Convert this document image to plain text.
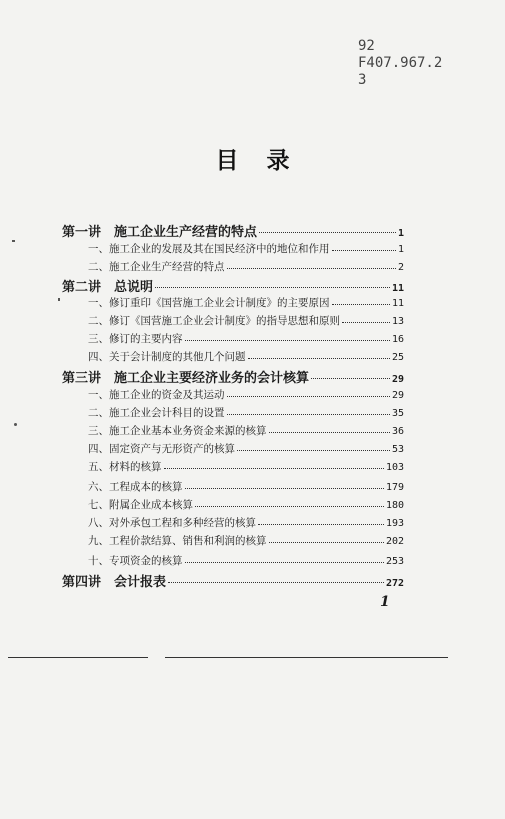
92
F407.967.2
3
目录
第一讲　施工企业生产经营的特点	1
一、施工企业的发展及其在国民经济中的地位和作用	1
二、施工企业生产经营的特点	2
第二讲　总说明	11
一、修订重印《国营施工企业会计制度》的主要原因	11
二、修订《国营施工企业会计制度》的指导思想和原则	13
三、修订的主要内容	16
四、关于会计制度的其他几个问题	25
第三讲　施工企业主要经济业务的会计核算	29
一、施工企业的资金及其运动	29
二、施工企业会计科目的设置	35
三、施工企业基本业务资金来源的核算	36
四、固定资产与无形资产的核算	53
五、材料的核算	103
六、工程成本的核算	179
七、附属企业成本核算	180
八、对外承包工程和多种经营的核算	193
九、工程价款结算、销售和利润的核算	202
十、专项资金的核算	253
第四讲　会计报表	272
1
